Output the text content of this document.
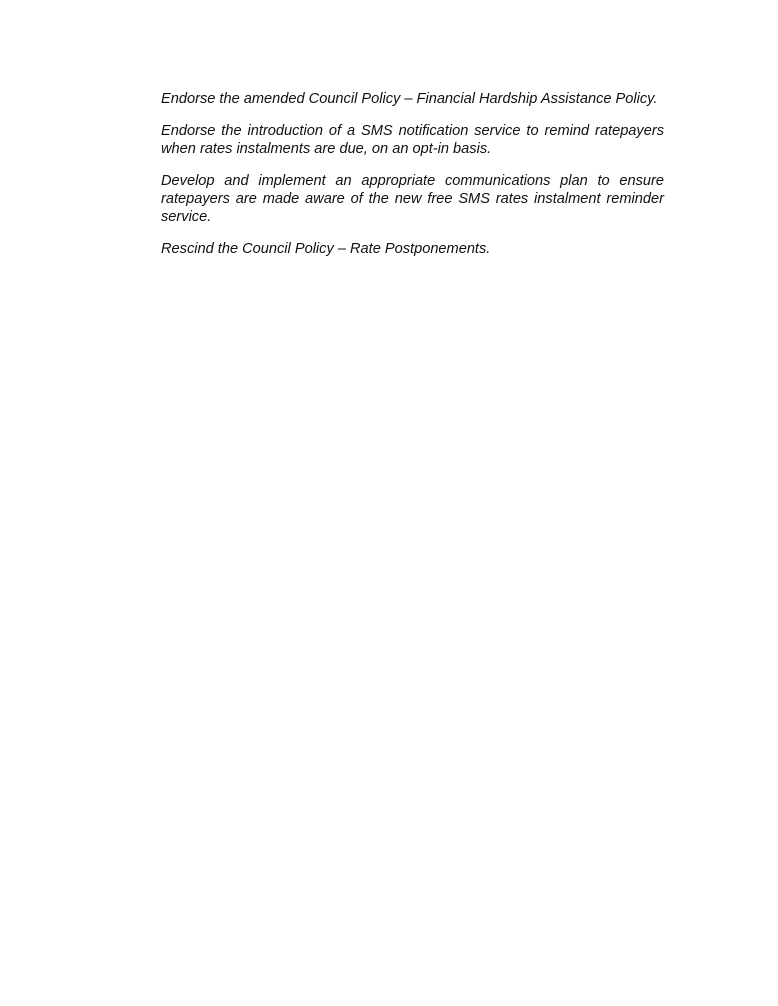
Endorse the amended Council Policy – Financial Hardship Assistance Policy.

Endorse the introduction of a SMS notification service to remind ratepayers when rates instalments are due, on an opt-in basis.

Develop and implement an appropriate communications plan to ensure ratepayers are made aware of the new free SMS rates instalment reminder service.

Rescind the Council Policy – Rate Postponements.
